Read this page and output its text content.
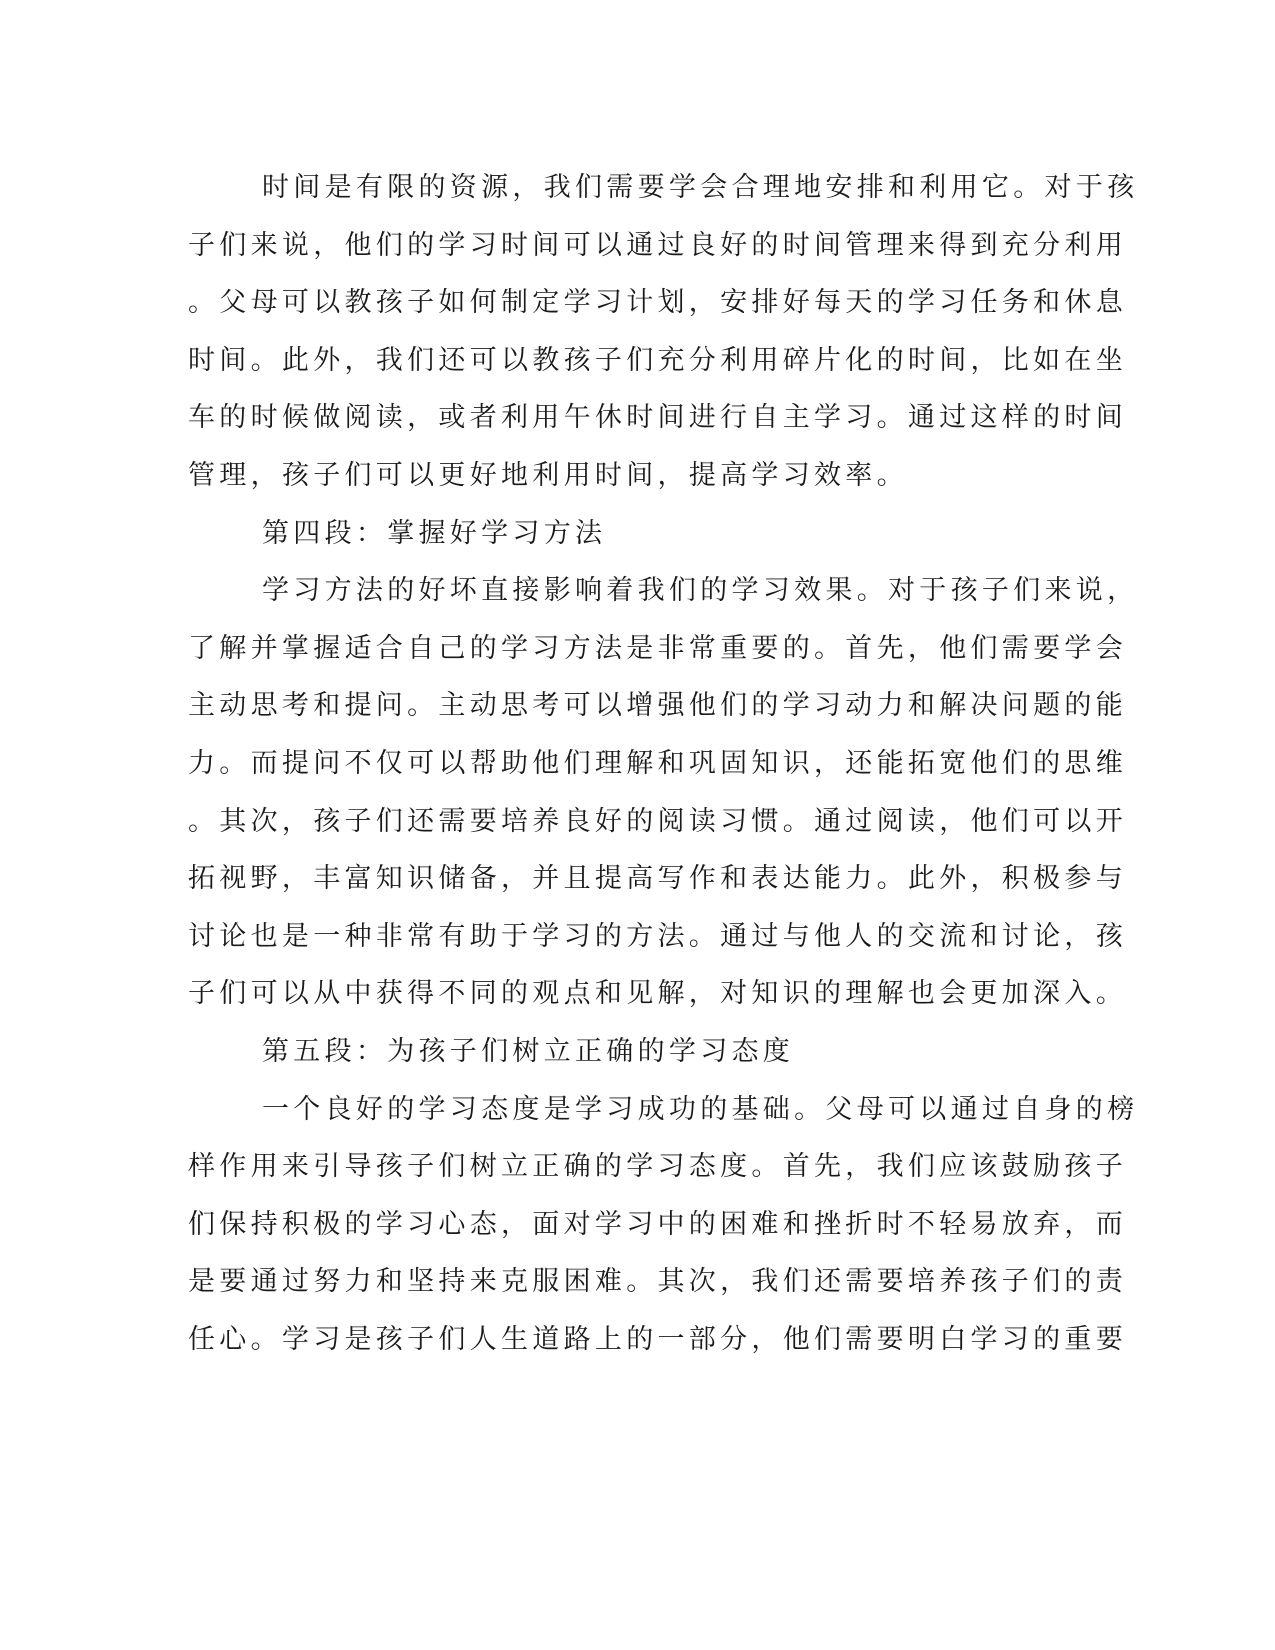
时间是有限的资源，我们需要学会合理地安排和利用它。对于孩
子们来说，他们的学习时间可以通过良好的时间管理来得到充分利用
。父母可以教孩子如何制定学习计划，安排好每天的学习任务和休息
时间。此外，我们还可以教孩子们充分利用碎片化的时间，比如在坐
车的时候做阅读，或者利用午休时间进行自主学习。通过这样的时间
管理，孩子们可以更好地利用时间，提高学习效率。
第四段：掌握好学习方法
学习方法的好坏直接影响着我们的学习效果。对于孩子们来说，
了解并掌握适合自己的学习方法是非常重要的。首先，他们需要学会
主动思考和提问。主动思考可以增强他们的学习动力和解决问题的能
力。而提问不仅可以帮助他们理解和巩固知识，还能拓宽他们的思维
。其次，孩子们还需要培养良好的阅读习惯。通过阅读，他们可以开
拓视野，丰富知识储备，并且提高写作和表达能力。此外，积极参与
讨论也是一种非常有助于学习的方法。通过与他人的交流和讨论，孩
子们可以从中获得不同的观点和见解，对知识的理解也会更加深入。
第五段：为孩子们树立正确的学习态度
一个良好的学习态度是学习成功的基础。父母可以通过自身的榜
样作用来引导孩子们树立正确的学习态度。首先，我们应该鼓励孩子
们保持积极的学习心态，面对学习中的困难和挫折时不轻易放弃，而
是要通过努力和坚持来克服困难。其次，我们还需要培养孩子们的责
任心。学习是孩子们人生道路上的一部分，他们需要明白学习的重要
